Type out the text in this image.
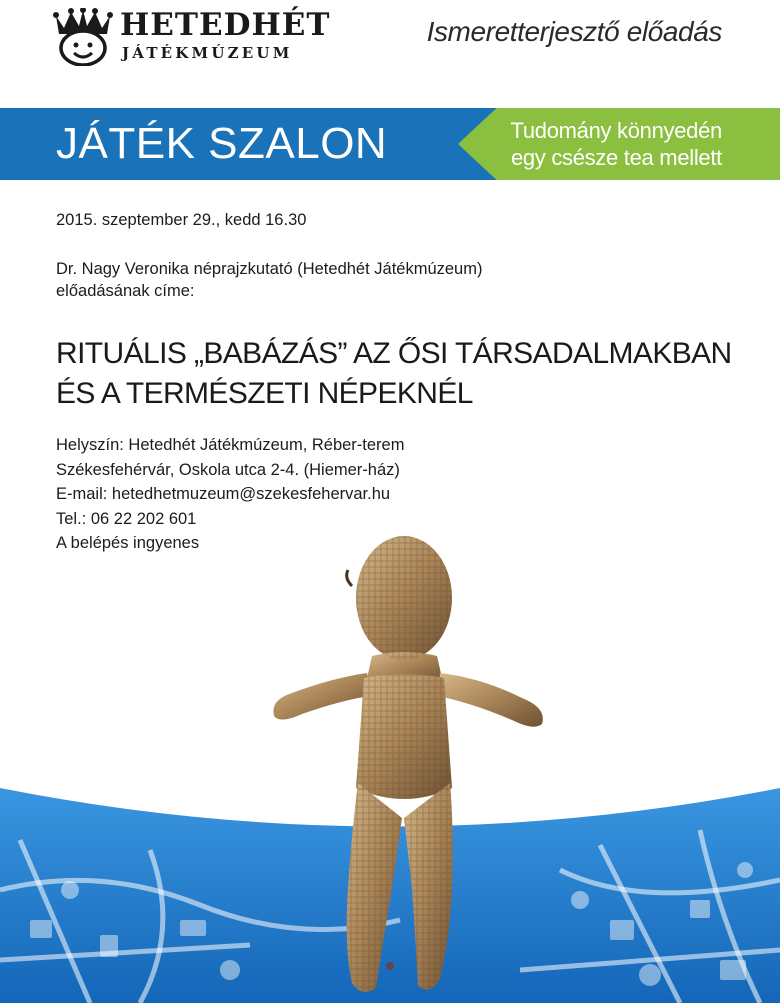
HETEDHÉT
JÁTÉKMÚZEUM
Ismeretterjesztő előadás
JÁTÉK SZALON	Tudomány könnyedén
egy csésze tea mellett
2015. szeptember 29., kedd 16.30
Dr. Nagy Veronika néprajzkutató (Hetedhét Játékmúzeum)
előadásának címe:
RITUÁLIS „BABÁZÁS” AZ ŐSI TÁRSADALMAKBAN
ÉS A TERMÉSZETI NÉPEKNÉL
Helyszín: Hetedhét Játékmúzeum, Réber-terem
Székesfehérvár, Oskola utca 2-4. (Hiemer-ház)
E-mail: hetedhetmuzeum@szekesfehervar.hu
Tel.: 06 22 202 601
A belépés ingyenes
